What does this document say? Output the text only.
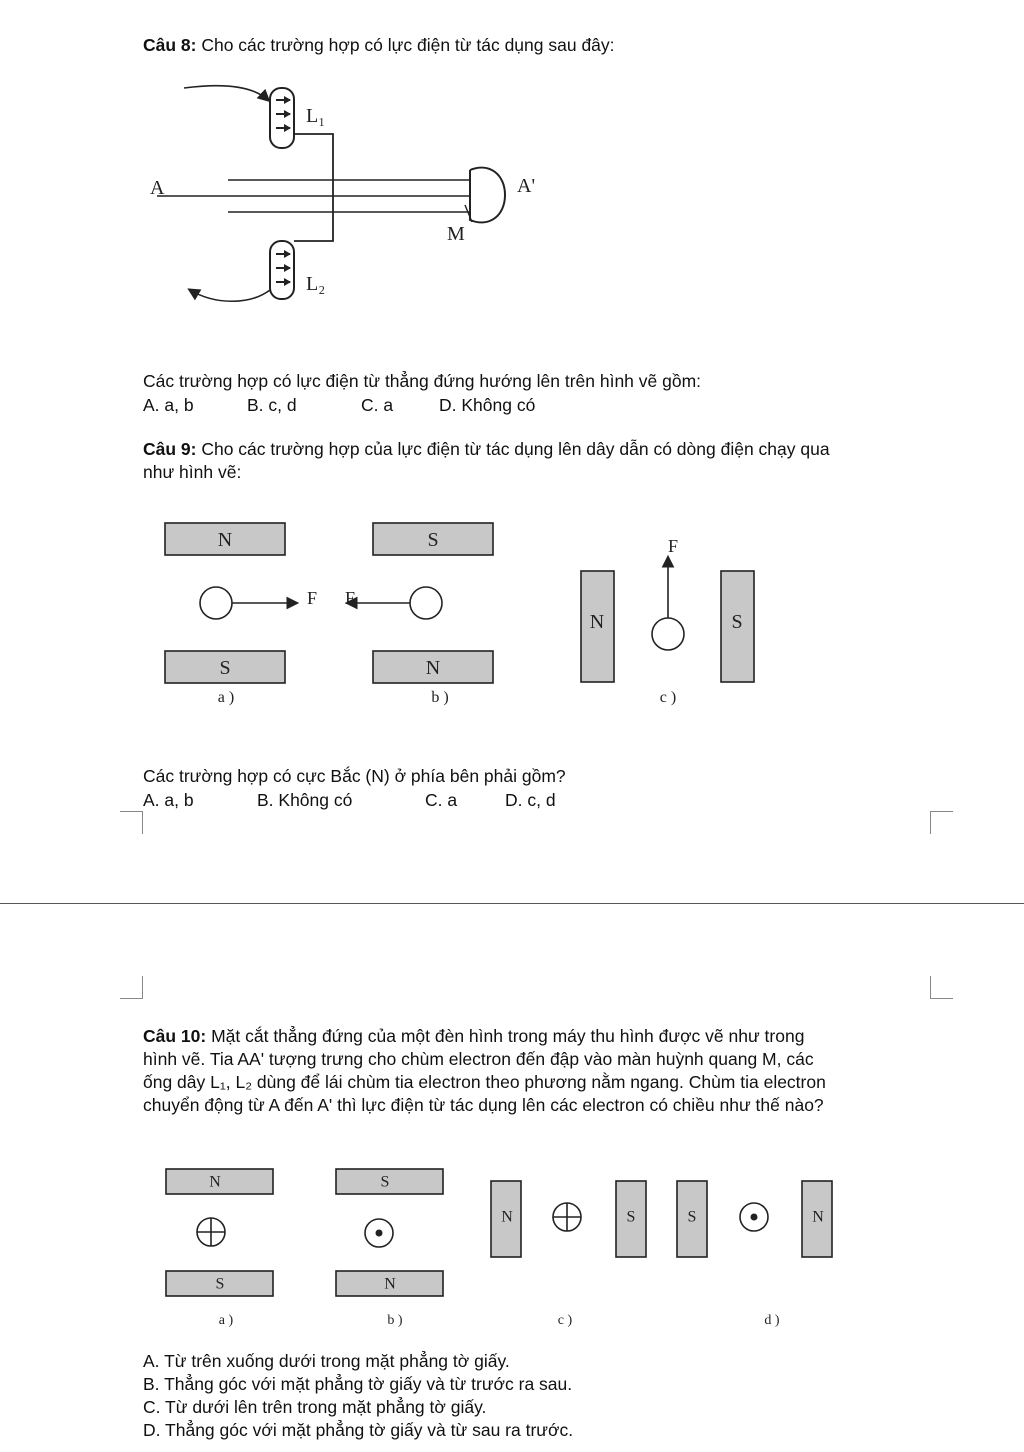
Câu 8: Cho các trường hợp có lực điện từ tác dụng sau đây:
L₁
A	A'
M
L₂
Các trường hợp có lực điện từ thẳng đứng hướng lên trên hình vẽ gồm:
A. a, b	B. c, d	C. a	D. Không có
Câu 9: Cho các trường hợp của lực điện từ tác dụng lên dây dẫn có dòng điện chạy qua
như hình vẽ:
N
F
S
a )
S
F
N
b )
N
F
S
c )
Các trường hợp có cực Bắc (N) ở phía bên phải gồm?
A. a, b	B. Không có	C. a	D. c, d
Câu 10: Mặt cắt thẳng đứng của một đèn hình trong máy thu hình được vẽ như trong
hình vẽ. Tia AA' tượng trưng cho chùm electron đến đập vào màn huỳnh quang M, các
ống dây L₁, L₂ dùng để lái chùm tia electron theo phương nằm ngang. Chùm tia electron
chuyển động từ A đến A' thì lực điện từ tác dụng lên các electron có chiều như thế nào?
N
S
a )
S
N
b )
N	S
c )
S	N
d )
A. Từ trên xuống dưới trong mặt phẳng tờ giấy.
B. Thẳng góc với mặt phẳng tờ giấy và từ trước ra sau.
C. Từ dưới lên trên trong mặt phẳng tờ giấy.
D. Thẳng góc với mặt phẳng tờ giấy và từ sau ra trước.
